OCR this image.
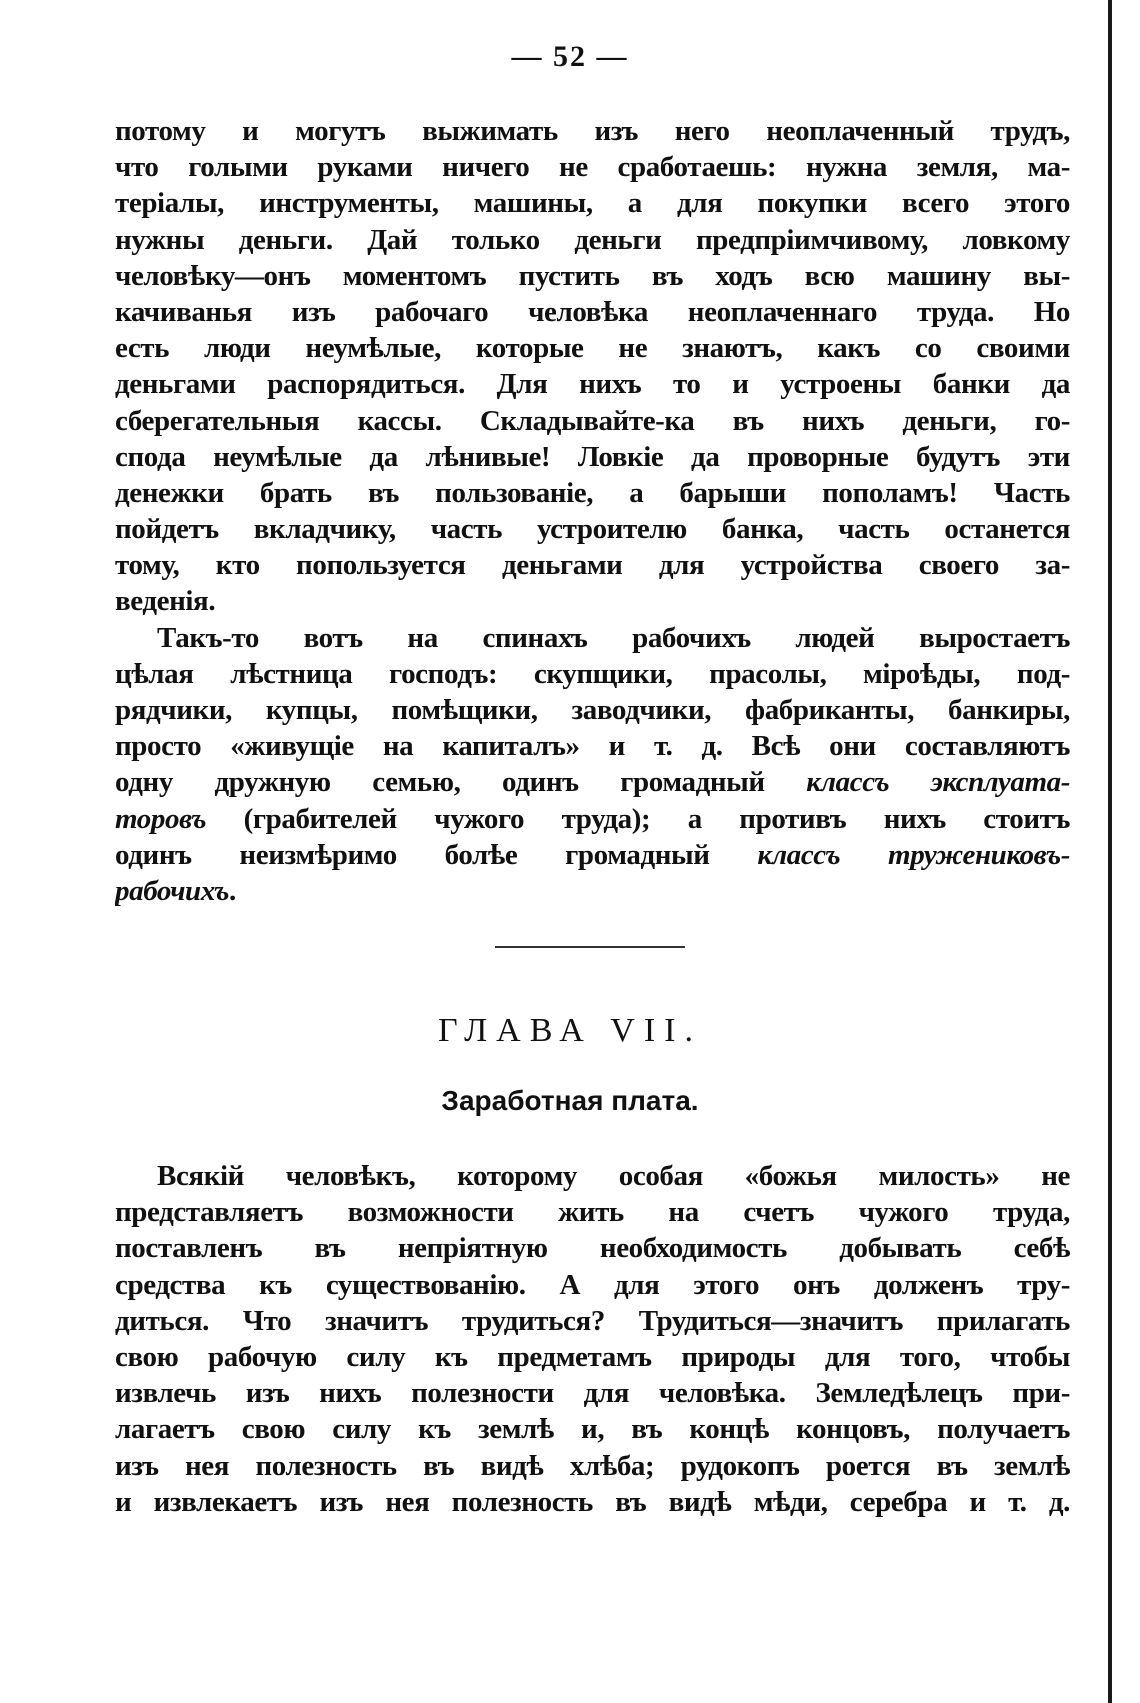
— 52 —
потому и могутъ выжимать изъ него неоплаченный трудъ,
что голыми руками ничего не сработаешь: нужна земля, ма-
теріалы, инструменты, машины, а для покупки всего этого
нужны деньги. Дай только деньги предпріимчивому, ловкому
человѣку—онъ моментомъ пустить въ ходъ всю машину вы-
качиванья изъ рабочаго человѣка неоплаченнаго труда. Но
есть люди неумѣлые, которые не знаютъ, какъ со своими
деньгами распорядиться. Для нихъ то и устроены банки да
сберегательныя кассы. Складывайте-ка въ нихъ деньги, го-
спода неумѣлые да лѣнивые! Ловкіе да проворные будутъ эти
денежки брать въ пользованіе, а барыши пополамъ! Часть
пойдетъ вкладчику, часть устроителю банка, часть останется
тому, кто попользуется деньгами для устройства своего за-
веденія.
Такъ-то вотъ на спинахъ рабочихъ людей выростаетъ
цѣлая лѣстница господъ: скупщики, прасолы, міроѣды, под-
рядчики, купцы, помѣщики, заводчики, фабриканты, банкиры,
просто «живущіе на капиталъ» и т. д. Всѣ они составляютъ
одну дружную семью, одинъ громадный классъ эксплуата-
торовъ (грабителей чужого труда); а противъ нихъ стоитъ
одинъ неизмѣримо болѣе громадный классъ тружениковъ-
рабочихъ.
ГЛАВА VII.
Заработная плата.
Всякій человѣкъ, которому особая «божья милость» не
представляетъ возможности жить на счетъ чужого труда,
поставленъ въ непріятную необходимость добывать себѣ
средства къ существованію. А для этого онъ долженъ тру-
диться. Что значитъ трудиться? Трудиться—значитъ прилагать
свою рабочую силу къ предметамъ природы для того, чтобы
извлечь изъ нихъ полезности для человѣка. Земледѣлецъ при-
лагаетъ свою силу къ землѣ и, въ концѣ концовъ, получаетъ
изъ нея полезность въ видѣ хлѣба; рудокопъ роется въ землѣ
и извлекаетъ изъ нея полезность въ видѣ мѣди, серебра и т. д.
